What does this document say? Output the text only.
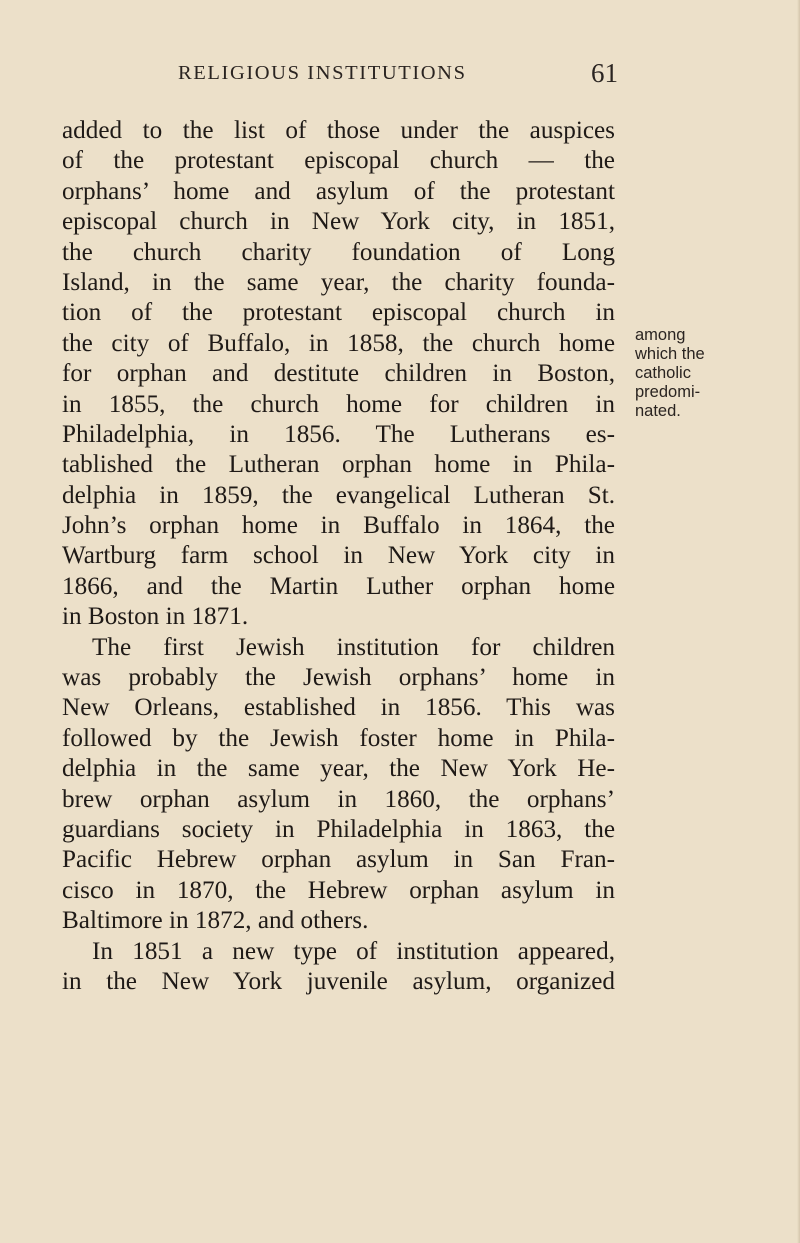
RELIGIOUS INSTITUTIONS	61
added to the list of those under the auspices
of the protestant episcopal church — the
orphans’ home and asylum of the protestant
episcopal church in New York city, in 1851,
the church charity foundation of Long
Island, in the same year, the charity founda-
tion of the protestant episcopal church in
the city of Buffalo, in 1858, the church home
for orphan and destitute children in Boston,
in 1855, the church home for children in
Philadelphia, in 1856. The Lutherans es-
tablished the Lutheran orphan home in Phila-
delphia in 1859, the evangelical Lutheran St.
John’s orphan home in Buffalo in 1864, the
Wartburg farm school in New York city in
1866, and the Martin Luther orphan home
in Boston in 1871.
The first Jewish institution for children
was probably the Jewish orphans’ home in
New Orleans, established in 1856. This was
followed by the Jewish foster home in Phila-
delphia in the same year, the New York He-
brew orphan asylum in 1860, the orphans’
guardians society in Philadelphia in 1863, the
Pacific Hebrew orphan asylum in San Fran-
cisco in 1870, the Hebrew orphan asylum in
Baltimore in 1872, and others.
In 1851 a new type of institution appeared,
in the New York juvenile asylum, organized
among
which the
catholic
predomi-
nated.
